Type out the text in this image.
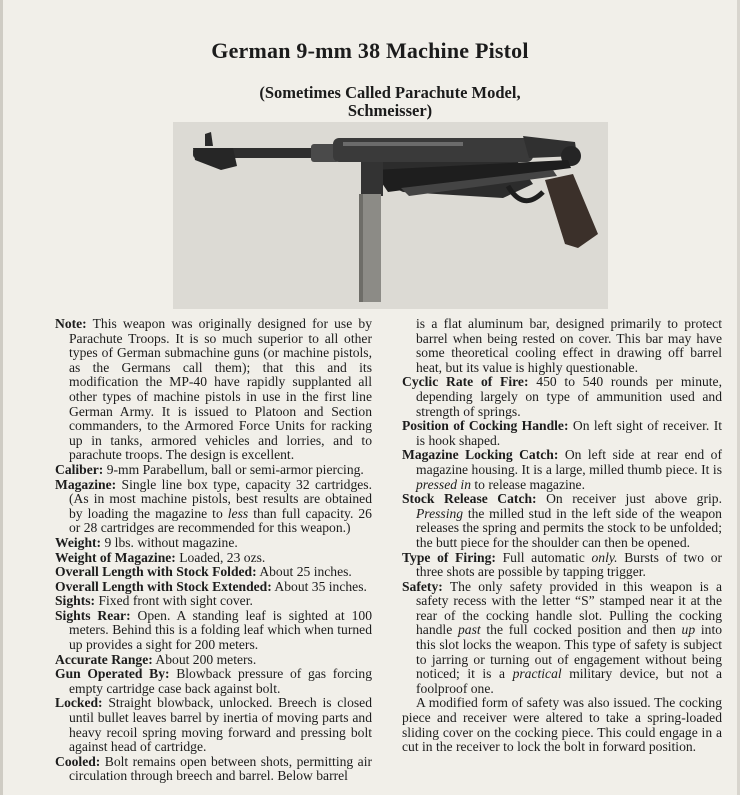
German 9-mm 38 Machine Pistol
(Sometimes Called Parachute Model,
Schmeisser)

Note: This weapon was originally designed for use by Parachute Troops. It is so much superior to all other types of German submachine guns (or machine pistols, as the Germans call them); that this and its modification the MP-40 have rapidly supplanted all other types of machine pistols in use in the first line German Army. It is issued to Platoon and Section commanders, to the Armored Force Units for racking up in tanks, armored vehicles and lorries, and to parachute troops. The design is excellent.

Caliber: 9-mm Parabellum, ball or semi-armor piercing.

Magazine: Single line box type, capacity 32 cartridges. (As in most machine pistols, best results are obtained by loading the magazine to less than full capacity. 26 or 28 cartridges are recommended for this weapon.)

Weight: 9 lbs. without magazine.

Weight of Magazine: Loaded, 23 ozs.

Overall Length with Stock Folded: About 25 inches.

Overall Length with Stock Extended: About 35 inches.

Sights: Fixed front with sight cover.

Sights Rear: Open. A standing leaf is sighted at 100 meters. Behind this is a folding leaf which when turned up provides a sight for 200 meters.

Accurate Range: About 200 meters.

Gun Operated By: Blowback pressure of gas forcing empty cartridge case back against bolt.

Locked: Straight blowback, unlocked. Breech is closed until bullet leaves barrel by inertia of moving parts and heavy recoil spring moving forward and pressing bolt against head of cartridge.

Cooled: Bolt remains open between shots, permitting air circulation through breech and barrel. Below barrel

is a flat aluminum bar, designed primarily to protect barrel when being rested on cover. This bar may have some theoretical cooling effect in drawing off barrel heat, but its value is highly questionable.

Cyclic Rate of Fire: 450 to 540 rounds per minute, depending largely on type of ammunition used and strength of springs.

Position of Cocking Handle: On left sight of receiver. It is hook shaped.

Magazine Locking Catch: On left side at rear end of magazine housing. It is a large, milled thumb piece. It is pressed in to release magazine.

Stock Release Catch: On receiver just above grip. Pressing the milled stud in the left side of the weapon releases the spring and permits the stock to be unfolded; the butt piece for the shoulder can then be opened.

Type of Firing: Full automatic only. Bursts of two or three shots are possible by tapping trigger.

Safety: The only safety provided in this weapon is a safety recess with the letter “S” stamped near it at the rear of the cocking handle slot. Pulling the cocking handle past the full cocked position and then up into this slot locks the weapon. This type of safety is subject to jarring or turning out of engagement without being noticed; it is a practical military device, but not a foolproof one.

A modified form of safety was also issued. The cocking piece and receiver were altered to take a spring-loaded sliding cover on the cocking piece. This could engage in a cut in the receiver to lock the bolt in forward position.
